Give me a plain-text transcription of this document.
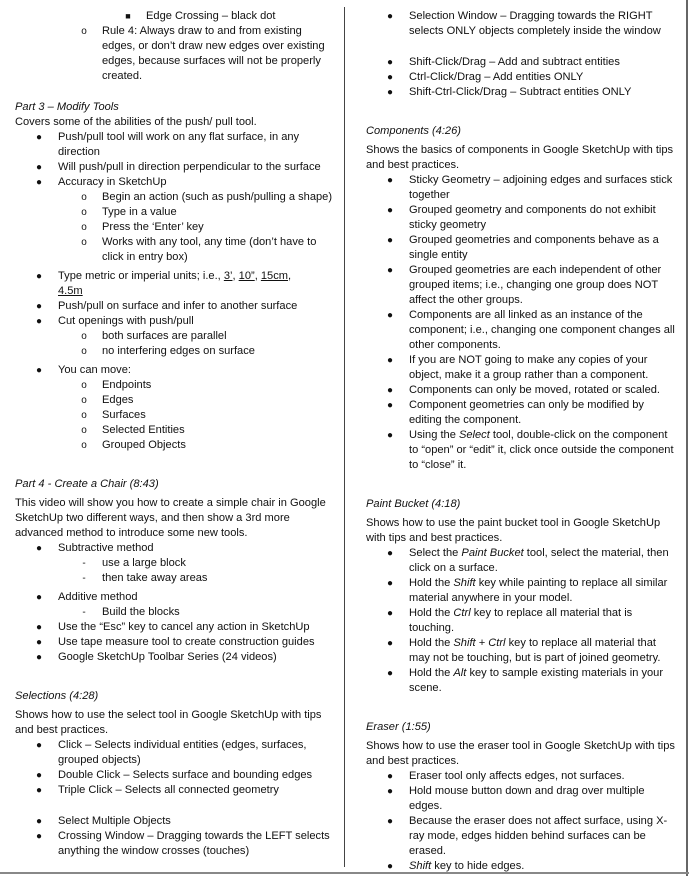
■ Edge Crossing – black dot
o Rule 4: Always draw to and from existing edges, or don’t draw new edges over existing edges, because surfaces will not be properly created.

Part 3 – Modify Tools

Covers some of the abilities of the push/ pull tool.

● Push/pull tool will work on any flat surface, in any direction
● Will push/pull in direction perpendicular to the surface
● Accuracy in SketchUp
o Begin an action (such as push/pulling a shape)
o Type in a value
o Press the ‘Enter’ key
o Works with any tool, any time (don’t have to click in entry box)
● Type metric or imperial units; i.e., 3’, 10”, 15cm,
4.5m
● Push/pull on surface and infer to another surface
● Cut openings with push/pull
o both surfaces are parallel
o no interfering edges on surface
● You can move:
o Endpoints
o Edges
o Surfaces
o Selected Entities
o Grouped Objects

Part 4 - Create a Chair (8:43)

This video will show you how to create a simple chair in Google SketchUp two different ways, and then show a 3rd more advanced method to introduce some new tools.

● Subtractive method
-	use a large block
-	then take away areas
● Additive method
-	Build the blocks
● Use the “Esc” key to cancel any action in SketchUp
● Use tape measure tool to create construction guides
● Google SketchUp Toolbar Series (24 videos)

Selections (4:28)

Shows how to use the select tool in Google SketchUp with tips and best practices.

● Click – Selects individual entities (edges, surfaces, grouped objects)
● Double Click – Selects surface and bounding edges
● Triple Click – Selects all connected geometry
● Select Multiple Objects
● Crossing Window – Dragging towards the LEFT selects anything the window crosses (touches)
● Selection Window – Dragging towards the RIGHT selects ONLY objects completely inside the window
● Shift-Click/Drag – Add and subtract entities
● Ctrl-Click/Drag – Add entities ONLY
● Shift-Ctrl-Click/Drag – Subtract entities ONLY

Components (4:26)

Shows the basics of components in Google SketchUp with tips and best practices.

● Sticky Geometry – adjoining edges and surfaces stick together
● Grouped geometry and components do not exhibit sticky geometry
● Grouped geometries and components behave as a single entity
● Grouped geometries are each independent of other grouped items; i.e., changing one group does NOT affect the other groups.
● Components are all linked as an instance of the component; i.e., changing one component changes all other components.
● If you are NOT going to make any copies of your object, make it a group rather than a component.
● Components can only be moved, rotated or scaled.
● Component geometries can only be modified by editing the component.
● Using the Select tool, double-click on the component to “open” or “edit” it, click once outside the component to “close” it.

Paint Bucket (4:18)

Shows how to use the paint bucket tool in Google SketchUp with tips and best practices.

● Select the Paint Bucket tool, select the material, then click on a surface.
● Hold the Shift key while painting to replace all similar material anywhere in your model.
● Hold the Ctrl key to replace all material that is touching.
● Hold the Shift + Ctrl key to replace all material that may not be touching, but is part of joined geometry.
● Hold the Alt key to sample existing materials in your scene.

Eraser (1:55)

Shows how to use the eraser tool in Google SketchUp with tips and best practices.

● Eraser tool only affects edges, not surfaces.
● Hold mouse button down and drag over multiple edges.
● Because the eraser does not affect surface, using X-ray mode, edges hidden behind surfaces can be erased.
● Shift key to hide edges.
